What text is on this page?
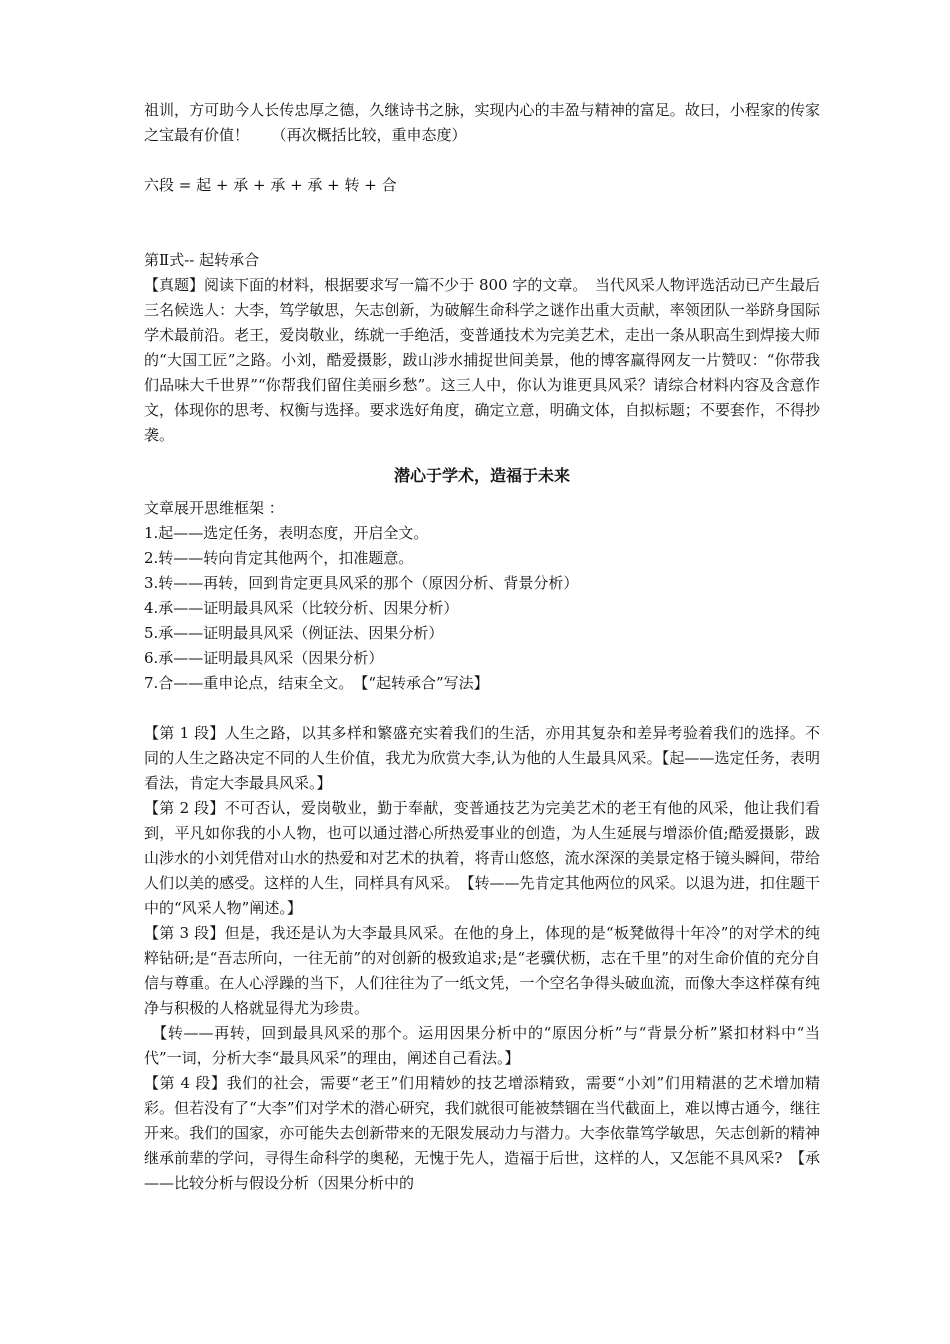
祖训，方可助今人长传忠厚之德，久继诗书之脉，实现内心的丰盈与精神的富足。故曰，小程家的传家之宝最有价值！　　（再次概括比较，重申态度）

六段 = 起 + 承 + 承 + 承 + 转 + 合

第Ⅱ式-- 起转承合

【真题】阅读下面的材料，根据要求写一篇不少于 800 字的文章。　当代风采人物评选活动已产生最后三名候选人：大李，笃学敏思，矢志创新，为破解生命科学之谜作出重大贡献，率领团队一举跻身国际学术最前沿。老王，爱岗敬业，练就一手绝活，变普通技术为完美艺术，走出一条从职高生到焊接大师的“大国工匠”之路。小刘，酷爱摄影，跋山涉水捕捉世间美景，他的博客赢得网友一片赞叹：“你带我们品味大千世界”“你帮我们留住美丽乡愁”。这三人中，你认为谁更具风采？请综合材料内容及含意作文，体现你的思考、权衡与选择。要求选好角度，确定立意，明确文体，自拟标题；不要套作，不得抄袭。

潜心于学术，造福于未来

文章展开思维框架 ：

1.起——选定任务，表明态度，开启全文。

2.转——转向肯定其他两个，扣准题意。

3.转——再转，回到肯定更具风采的那个（原因分析、背景分析）

4.承——证明最具风采（比较分析、因果分析）

5.承——证明最具风采（例证法、因果分析）

6.承——证明最具风采（因果分析）

7.合——重申论点，结束全文。　【“起转承合”写法】

【第 1 段】人生之路，以其多样和繁盛充实着我们的生活，亦用其复杂和差异考验着我们的选择。不同的人生之路决定不同的人生价值，我尤为欣赏大李,认为他的人生最具风采。【起——选定任务，表明看法，肯定大李最具风采。】

【第 2 段】不可否认，爱岗敬业，勤于奉献，变普通技艺为完美艺术的老王有他的风采，他让我们看到，平凡如你我的小人物，也可以通过潜心所热爱事业的创造，为人生延展与增添价值;酷爱摄影，跋山涉水的小刘凭借对山水的热爱和对艺术的执着，将青山悠悠，流水深深的美景定格于镜头瞬间，带给人们以美的感受。这样的人生，同样具有风采。　【转——先肯定其他两位的风采。以退为进，扣住题干中的“风采人物”阐述。】

【第 3 段】但是，我还是认为大李最具风采。在他的身上，体现的是“板凳做得十年冷”的对学术的纯粹钻研;是“吾志所向，一往无前”的对创新的极致追求;是“老骥伏枥，志在千里”的对生命价值的充分自信与尊重。在人心浮躁的当下，人们往往为了一纸文凭，一个空名争得头破血流，而像大李这样葆有纯净与积极的人格就显得尤为珍贵。

　【转——再转，回到最具风采的那个。运用因果分析中的“原因分析”与“背景分析”紧扣材料中“当代”一词，分析大李“最具风采”的理由，阐述自己看法。】

【第 4 段】我们的社会，需要“老王”们用精妙的技艺增添精致，需要“小刘”们用精湛的艺术增加精彩。但若没有了“大李”们对学术的潜心研究，我们就很可能被禁锢在当代截面上，难以博古通今，继往开来。我们的国家，亦可能失去创新带来的无限发展动力与潜力。大李依靠笃学敏思，矢志创新的精神继承前辈的学问，寻得生命科学的奥秘，无愧于先人，造福于后世，这样的人，又怎能不具风采?　【承——比较分析与假设分析（因果分析中的
